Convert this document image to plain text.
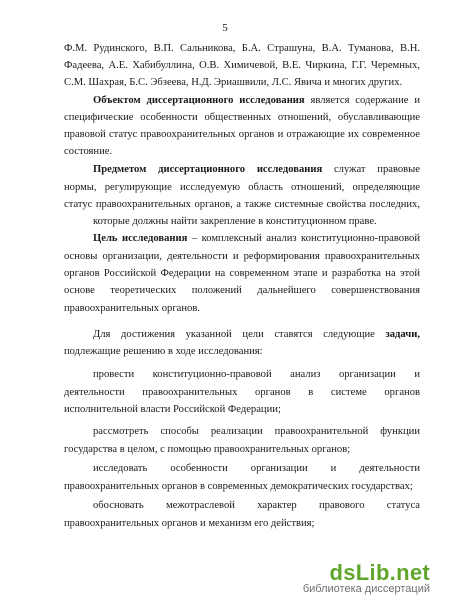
5
Ф.М. Рудинского, В.П. Сальникова, Б.А. Страшуна, В.А. Туманова, В.Н.
Фадеева, А.Е. Хабибуллина, О.В. Химичевой, В.Е. Чиркина, Г.Г. Черемных,
С.М. Шахрая, Б.С. Эбзеева, Н.Д. Эриашвили, Л.С. Явича и многих других.
Объектом диссертационного исследования является содержание и
специфические особенности общественных отношений, обуславливающие
правовой статус правоохранительных органов и отражающие их современное
состояние.
Предметом диссертационного исследования служат правовые
нормы, регулирующие исследуемую область отношений, определяющие
статус правоохранительных органов, а также системные свойства последних,
которые должны найти закрепление в конституционном праве.
Цель исследования – комплексный анализ конституционно-правовой
основы организации, деятельности и реформирования правоохранительных
органов Российской Федерации на современном этапе и разработка на этой
основе теоретических положений дальнейшего совершенствования
правоохранительных органов.
Для достижения указанной цели ставятся следующие задачи,
подлежащие решению в ходе исследования:
провести конституционно-правовой анализ организации и
деятельности правоохранительных органов в системе органов
исполнительной власти Российской Федерации;
рассмотреть способы реализации правоохранительной функции
государства в целом, с помощью правоохранительных органов;
исследовать особенности организации и деятельности
правоохранительных органов в современных демократических государствах;
обосновать межотраслевой характер правового статуса
правоохранительных органов и механизм его действия;
dsLib.net
библиотека диссертаций
